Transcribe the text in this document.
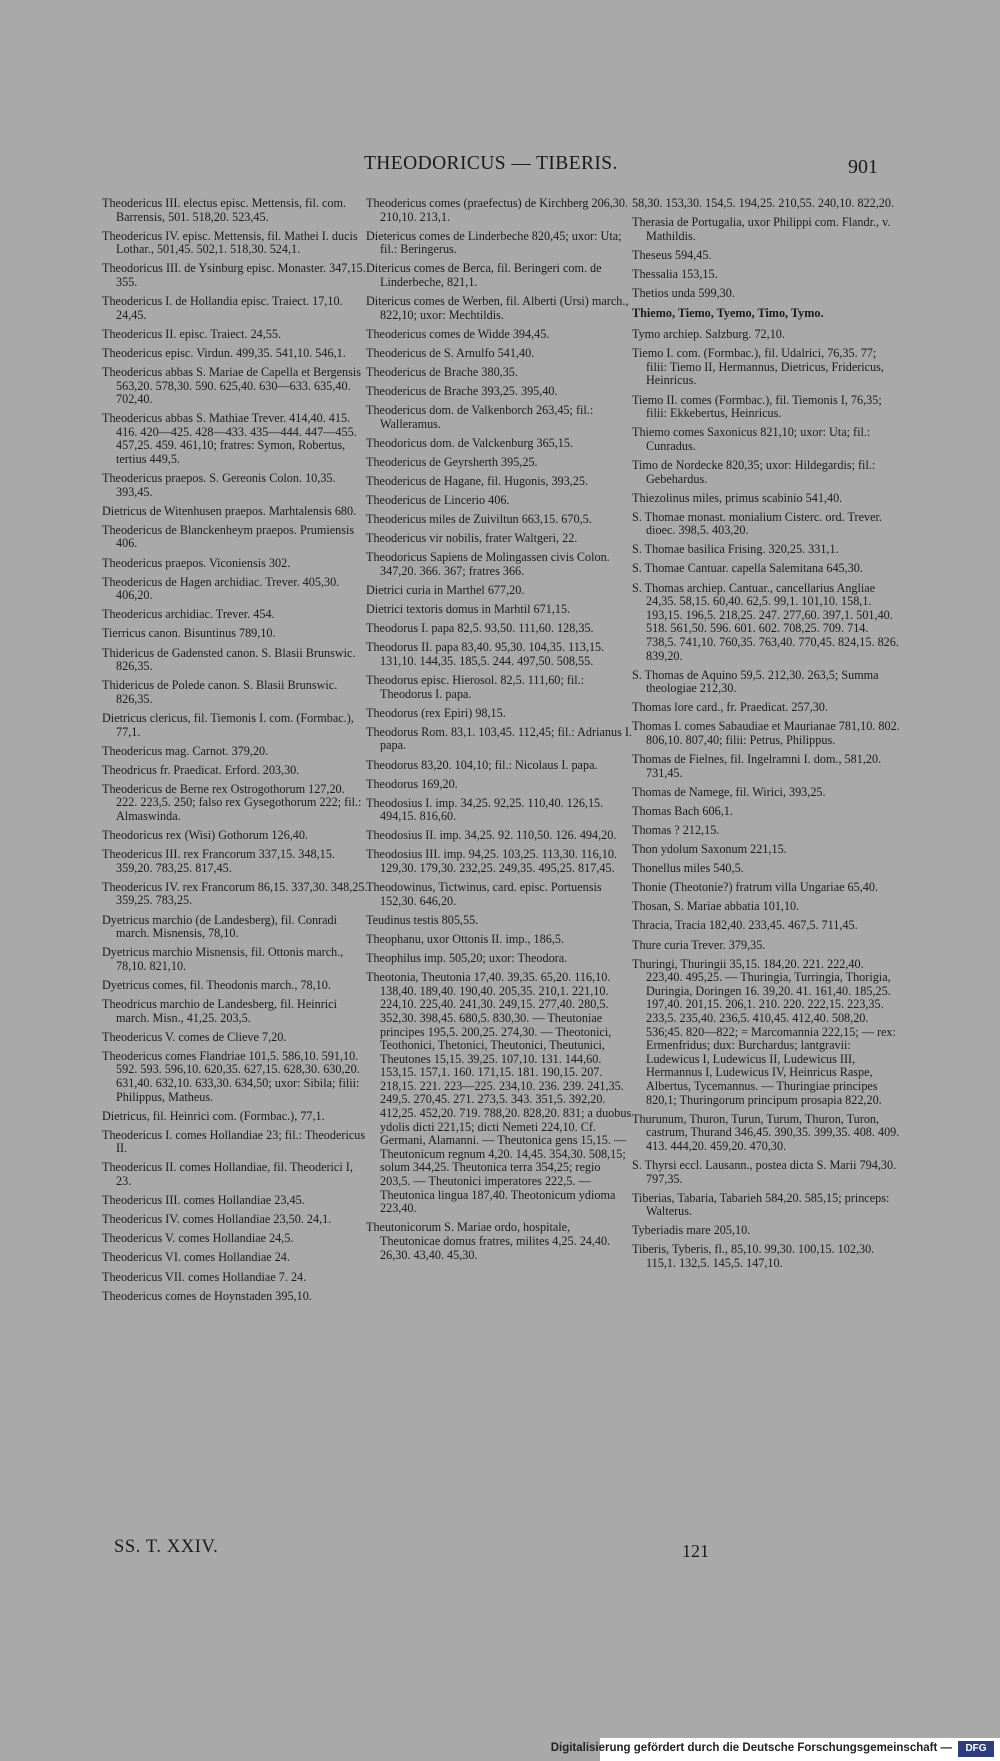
THEODORICUS — TIBERIS.	901
Theodericus III. electus episc. Mettensis, fil. com. Barrensis, 501. 518,20. 523,45.
Theodericus IV. episc. Mettensis, fil. Mathei I. ducis Lothar., 501,45. 502,1. 518,30. 524,1.
Theodoricus III. de Ysinburg episc. Monaster. 347,15. 355.
Theodericus I. de Hollandia episc. Traiect. 17,10. 24,45.
Theodericus II. episc. Traiect. 24,55.
Theodericus episc. Virdun. 499,35. 541,10. 546,1.
Theodericus abbas S. Mariae de Capella et Bergensis 563,20. 578,30. 590. 625,40. 630—633. 635,40. 702,40.
Theodericus abbas S. Mathiae Trever. 414,40. 415. 416. 420—425. 428—433. 435—444. 447—455. 457,25. 459. 461,10; fratres: Symon, Robertus, tertius 449,5.
Theodericus praepos. S. Gereonis Colon. 10,35. 393,45.
Dietricus de Witenhusen praepos. Marhtalensis 680.
Theodericus de Blanckenheym praepos. Prumiensis 406.
Theodericus praepos. Viconiensis 302.
Theodericus de Hagen archidiac. Trever. 405,30. 406,20.
Theodericus archidiac. Trever. 454.
Tierricus canon. Bisuntinus 789,10.
Thidericus de Gadensted canon. S. Blasii Brunswic. 826,35.
Thidericus de Polede canon. S. Blasii Brunswic. 826,35.
Dietricus clericus, fil. Tiemonis I. com. (Formbac.), 77,1.
Theodericus mag. Carnot. 379,20.
Theodricus fr. Praedicat. Erford. 203,30.
Theodericus de Berne rex Ostrogothorum 127,20. 222. 223,5. 250; falso rex Gysegothorum 222; fil.: Almaswinda.
Theodoricus rex (Wisi) Gothorum 126,40.
Theodericus III. rex Francorum 337,15. 348,15. 359,20. 783,25. 817,45.
Theodericus IV. rex Francorum 86,15. 337,30. 348,25. 359,25. 783,25.
Dyetricus marchio (de Landesberg), fil. Conradi march. Misnensis, 78,10.
Dyetricus marchio Misnensis, fil. Ottonis march., 78,10. 821,10.
Dyetricus comes, fil. Theodonis march., 78,10.
Theodricus marchio de Landesberg, fil. Heinrici march. Misn., 41,25. 203,5.
Theodericus V. comes de Clieve 7,20.
Theodericus comes Flandriae 101,5. 586,10. 591,10. 592. 593. 596,10. 620,35. 627,15. 628,30. 630,20. 631,40. 632,10. 633,30. 634,50; uxor: Sibila; filii: Philippus, Matheus.
Dietricus, fil. Heinrici com. (Formbac.), 77,1.
Theodericus I. comes Hollandiae 23; fil.: Theodericus II.
Theodericus II. comes Hollandiae, fil. Theoderici I, 23.
Theodericus III. comes Hollandiae 23,45.
Theodericus IV. comes Hollandiae 23,50. 24,1.
Theodericus V. comes Hollandiae 24,5.
Theodericus VI. comes Hollandiae 24.
Theodericus VII. comes Hollandiae 7. 24.
Theodericus comes de Hoynstaden 395,10.
Theodericus comes (praefectus) de Kirchberg 206,30. 210,10. 213,1.
Dietericus comes de Linderbeche 820,45; uxor: Uta; fil.: Beringerus.
Ditericus comes de Berca, fil. Beringeri com. de Linderbeche, 821,1.
Ditericus comes de Werben, fil. Alberti (Ursi) march., 822,10; uxor: Mechtildis.
Theodericus comes de Widde 394,45.
Theodericus de S. Arnulfo 541,40.
Theodericus de Brache 380,35.
Theodericus de Brache 393,25. 395,40.
Theodericus dom. de Valkenborch 263,45; fil.: Walleramus.
Theodoricus dom. de Valckenburg 365,15.
Theodericus de Geyrsherth 395,25.
Theodericus de Hagane, fil. Hugonis, 393,25.
Theodericus de Lincerio 406.
Theodericus miles de Zuiviltun 663,15. 670,5.
Theodericus vir nobilis, frater Waltgeri, 22.
Theodoricus Sapiens de Molingassen civis Colon. 347,20. 366. 367; fratres 366.
Dietrici curia in Marthel 677,20.
Dietrici textoris domus in Marhtil 671,15.
Theodorus I. papa 82,5. 93,50. 111,60. 128,35.
Theodorus II. papa 83,40. 95,30. 104,35. 113,15. 131,10. 144,35. 185,5. 244. 497,50. 508,55.
Theodorus episc. Hierosol. 82,5. 111,60; fil.: Theodorus I. papa.
Theodorus (rex Epiri) 98,15.
Theodorus Rom. 83,1. 103,45. 112,45; fil.: Adrianus I. papa.
Theodorus 83,20. 104,10; fil.: Nicolaus I. papa.
Theodorus 169,20.
Theodosius I. imp. 34,25. 92,25. 110,40. 126,15. 494,15. 816,60.
Theodosius II. imp. 34,25. 92. 110,50. 126. 494,20.
Theodosius III. imp. 94,25. 103,25. 113,30. 116,10. 129,30. 179,30. 232,25. 249,35. 495,25. 817,45.
Theodowinus, Tictwinus, card. episc. Portuensis 152,30. 646,20.
Teudinus testis 805,55.
Theophanu, uxor Ottonis II. imp., 186,5.
Theophilus imp. 505,20; uxor: Theodora.
Theotonia, Theutonia 17,40. 39,35. 65,20. 116,10. 138,40. 189,40. 190,40. 205,35. 210,1. 221,10. 224,10. 225,40. 241,30. 249,15. 277,40. 280,5. 352,30. 398,45. 680,5. 830,30. — Theutoniae principes 195,5. 200,25. 274,30. — Theotonici, Teothonici, Thetonici, Theutonici, Theutunici, Theutones 15,15. 39,25. 107,10. 131. 144,60. 153,15. 157,1. 160. 171,15. 181. 190,15. 207. 218,15. 221. 223—225. 234,10. 236. 239. 241,35. 249,5. 270,45. 271. 273,5. 343. 351,5. 392,20. 412,25. 452,20. 719. 788,20. 828,20. 831; a duobus ydolis dicti 221,15; dicti Nemeti 224,10. Cf. Germani, Alamanni. — Theutonica gens 15,15. — Theutonicum regnum 4,20. 14,45. 354,30. 508,15; solum 344,25. Theutonica terra 354,25; regio 203,5. — Theutonici imperatores 222,5. — Theutonica lingua 187,40. Theotonicum ydioma 223,40.
Theutonicorum S. Mariae ordo, hospitale, Theutonicae domus fratres, milites 4,25. 24,40. 26,30. 43,40. 45,30.
58,30. 153,30. 154,5. 194,25. 210,55. 240,10. 822,20.
Therasia de Portugalia, uxor Philippi com. Flandr., v. Mathildis.
Theseus 594,45.
Thessalia 153,15.
Thetios unda 599,30.
Thiemo, Tiemo, Tyemo, Timo, Tymo.
Tymo archiep. Salzburg. 72,10.
Tiemo I. com. (Formbac.), fil. Udalrici, 76,35. 77; filii: Tiemo II, Hermannus, Dietricus, Fridericus, Heinricus.
Tiemo II. comes (Formbac.), fil. Tiemonis I, 76,35; filii: Ekkebertus, Heinricus.
Thiemo comes Saxonicus 821,10; uxor: Uta; fil.: Cunradus.
Timo de Nordecke 820,35; uxor: Hildegardis; fil.: Gebehardus.
Thiezolinus miles, primus scabinio 541,40.
S. Thomae monast. monialium Cisterc. ord. Trever. dioec. 398,5. 403,20.
S. Thomae basilica Frising. 320,25. 331,1.
S. Thomae Cantuar. capella Salemitana 645,30.
S. Thomas archiep. Cantuar., cancellarius Angliae 24,35. 58,15. 60,40. 62,5. 99,1. 101,10. 158,1. 193,15. 196,5. 218,25. 247. 277,60. 397,1. 501,40. 518. 561,50. 596. 601. 602. 708,25. 709. 714. 738,5. 741,10. 760,35. 763,40. 770,45. 824,15. 826. 839,20.
S. Thomas de Aquino 59,5. 212,30. 263,5; Summa theologiae 212,30.
Thomas lore card., fr. Praedicat. 257,30.
Thomas I. comes Sabaudiae et Maurianae 781,10. 802. 806,10. 807,40; filii: Petrus, Philippus.
Thomas de Fielnes, fil. Ingelramni I. dom., 581,20. 731,45.
Thomas de Namege, fil. Wirici, 393,25.
Thomas Bach 606,1.
Thomas ? 212,15.
Thon ydolum Saxonum 221,15.
Thonellus miles 540,5.
Thonie (Theotonie?) fratrum villa Ungariae 65,40.
Thosan, S. Mariae abbatia 101,10.
Thracia, Tracia 182,40. 233,45. 467,5. 711,45.
Thure curia Trever. 379,35.
Thuringi, Thuringii 35,15. 184,20. 221. 222,40. 223,40. 495,25. — Thuringia, Turringia, Thorigia, Duringia, Doringen 16. 39,20. 41. 161,40. 185,25. 197,40. 201,15. 206,1. 210. 220. 222,15. 223,35. 233,5. 235,40. 236,5. 410,45. 412,40. 508,20. 536;45. 820—822; = Marcomannia 222,15; — rex: Ermenfridus; dux: Burchardus; lantgravii: Ludewicus I, Ludewicus II, Ludewicus III, Hermannus I, Ludewicus IV, Heinricus Raspe, Albertus, Tycemannus. — Thuringiae principes 820,1; Thuringorum principum prosapia 822,20.
Thurunum, Thuron, Turun, Turum, Thuron, Turon, castrum, Thurand 346,45. 390,35. 399,35. 408. 409. 413. 444,20. 459,20. 470,30.
S. Thyrsi eccl. Lausann., postea dicta S. Marii 794,30. 797,35.
Tiberias, Tabaria, Tabarieh 584,20. 585,15; princeps: Walterus.
Tyberiadis mare 205,10.
Tiberis, Tyberis, fl., 85,10. 99,30. 100,15. 102,30. 115,1. 132,5. 145,5. 147,10.
SS. T. XXIV.	121
Digitalisierung gefördert durch die Deutsche Forschungsgemeinschaft —	DFG
